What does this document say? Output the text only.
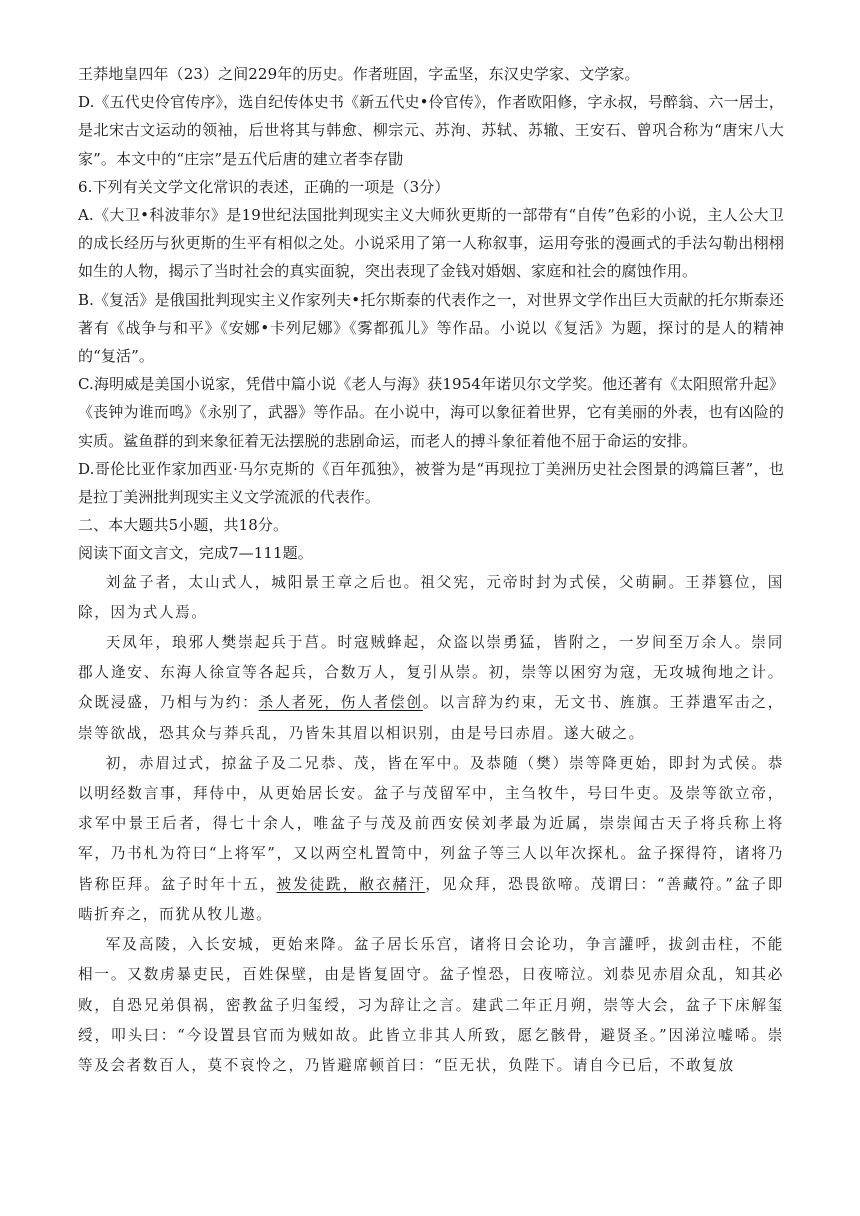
王莽地皇四年（23）之间229年的历史。作者班固，字孟坚，东汉史学家、文学家。

D.《五代史伶官传序》，选自纪传体史书《新五代史•伶官传》，作者欧阳修，字永叔，号醉翁、六一居士，是北宋古文运动的领袖，后世将其与韩愈、柳宗元、苏洵、苏轼、苏辙、王安石、曾巩合称为“唐宋八大家”。本文中的“庄宗”是五代后唐的建立者李存勖

6.下列有关文学文化常识的表述，正确的一项是（3分）

A.《大卫•科波菲尔》是19世纪法国批判现实主义大师狄更斯的一部带有“自传”色彩的小说，主人公大卫的成长经历与狄更斯的生平有相似之处。小说采用了第一人称叙事，运用夸张的漫画式的手法勾勒出栩栩如生的人物，揭示了当时社会的真实面貌，突出表现了金钱对婚姻、家庭和社会的腐蚀作用。

B.《复活》是俄国批判现实主义作家列夫•托尔斯泰的代表作之一，对世界文学作出巨大贡献的托尔斯泰还著有《战争与和平》《安娜•卡列尼娜》《雾都孤儿》等作品。小说以《复活》为题，探讨的是人的精神的“复活”。

C.海明威是美国小说家，凭借中篇小说《老人与海》获1954年诺贝尔文学奖。他还著有《太阳照常升起》《丧钟为谁而鸣》《永别了，武器》等作品。在小说中，海可以象征着世界，它有美丽的外表，也有凶险的实质。鲨鱼群的到来象征着无法摆脱的悲剧命运，而老人的搏斗象征着他不屈于命运的安排。

D.哥伦比亚作家加西亚·马尔克斯的《百年孤独》，被誉为是“再现拉丁美洲历史社会图景的鸿篇巨著”，也是拉丁美洲批判现实主义文学流派的代表作。

二、本大题共5小题，共18分。

阅读下面文言文，完成7—111题。

刘盆子者，太山式人，城阳景王章之后也。祖父宪，元帝时封为式侯，父萌嗣。王莽篡位，国除，因为式人焉。

天凤年，琅邪人樊崇起兵于莒。时寇贼蜂起，众盗以崇勇猛，皆附之，一岁间至万余人。崇同郡人逄安、东海人徐宣等各起兵，合数万人，复引从崇。初，崇等以困穷为寇，无攻城徇地之计。众既浸盛，乃相与为约：杀人者死，伤人者偿创。以言辞为约束，无文书、旌旗。王莽遣军击之，崇等欲战，恐其众与莽兵乱，乃皆朱其眉以相识别，由是号曰赤眉。遂大破之。

初，赤眉过式，掠盆子及二兄恭、茂，皆在军中。及恭随（樊）崇等降更始，即封为式侯。恭以明经数言事，拜侍中，从更始居长安。盆子与茂留军中，主刍牧牛，号曰牛吏。及崇等欲立帝，求军中景王后者，得七十余人，唯盆子与茂及前西安侯刘孝最为近属，崇崇闻古天子将兵称上将军，乃书札为符曰“上将军”，又以两空札置笥中，列盆子等三人以年次探札。盆子探得符，诸将乃皆称臣拜。盆子时年十五，被发徒跣，敝衣赭汗，见众拜，恐畏欲啼。茂谓曰：“善藏符。”盆子即啮折弃之，而犹从牧儿遨。

军及高陵，入长安城，更始来降。盆子居长乐宫，诸将日会论功，争言讙呼，拔剑击柱，不能相一。又数虏暴吏民，百姓保壁，由是皆复固守。盆子惶恐，日夜啼泣。刘恭见赤眉众乱，知其必败，自恐兄弟俱祸，密教盆子归玺绶，习为辞让之言。建武二年正月朔，崇等大会，盆子下床解玺绶，叩头曰：“今设置县官而为贼如故。此皆立非其人所致，愿乞骸骨，避贤圣。”因涕泣嘘唏。崇等及会者数百人，莫不哀怜之，乃皆避席顿首曰：“臣无状，负陛下。请自今已后，不敢复放
